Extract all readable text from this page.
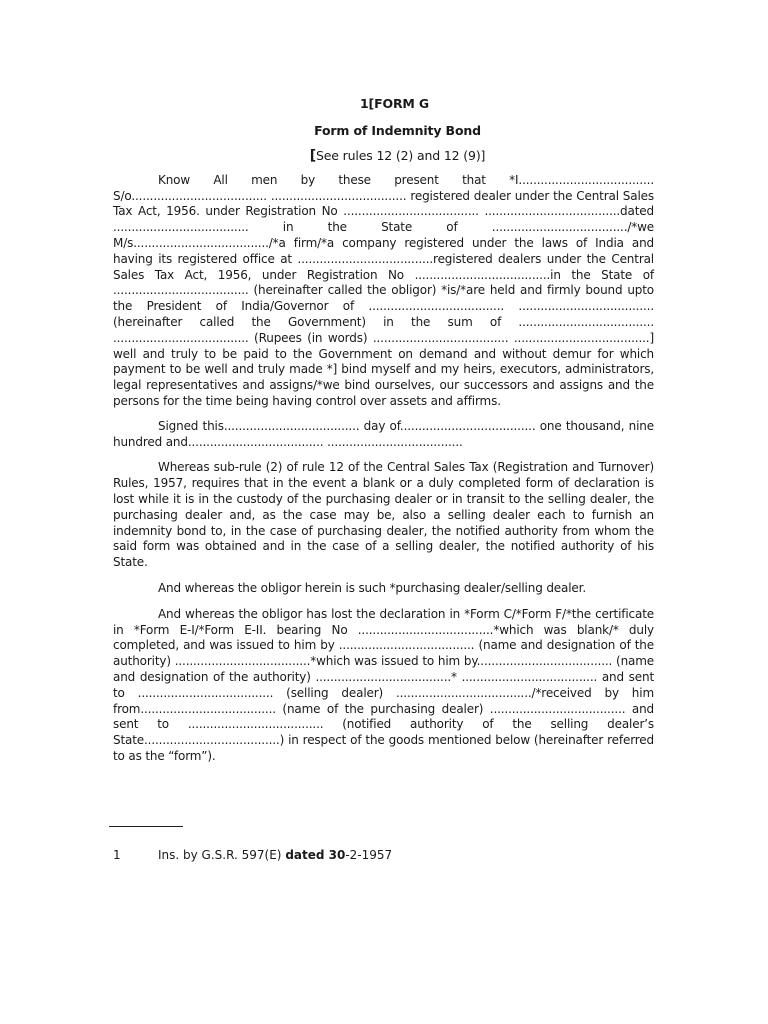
1[FORM G
Form of Indemnity Bond
[See rules 12 (2) and 12 (9)]

Know All men by these present that *I..................................... S/o..................................... ..................................... registered dealer under the Central Sales Tax Act, 1956. under Registration No ..................................... .....................................dated ..................................... in the State of ...................................../*we M/s...................................../*a firm/*a company registered under the laws of India and having its registered office at .....................................registered dealers under the Central Sales Tax Act, 1956, under Registration No .....................................in the State of ..................................... (hereinafter called the obligor) *is/*are held and firmly bound upto the President of India/Governor of ..................................... ..................................... (hereinafter called the Government) in the sum of ..................................... ..................................... (Rupees (in words) ..................................... .....................................] well and truly to be paid to the Government on demand and without demur for which payment to be well and truly made *] bind myself and my heirs, executors, administrators, legal representatives and assigns/*we bind ourselves, our successors and assigns and the persons for the time being having control over assets and affirms.

Signed this..................................... day of..................................... one thousand, nine hundred and..................................... .....................................

Whereas sub-rule (2) of rule 12 of the Central Sales Tax (Registration and Turnover) Rules, 1957, requires that in the event a blank or a duly completed form of declaration is lost while it is in the custody of the purchasing dealer or in transit to the selling dealer, the purchasing dealer and, as the case may be, also a selling dealer each to furnish an indemnity bond to, in the case of purchasing dealer, the notified authority from whom the said form was obtained and in the case of a selling dealer, the notified authority of his State.

And whereas the obligor herein is such *purchasing dealer/selling dealer.

And whereas the obligor has lost the declaration in *Form C/*Form F/*the certificate in *Form E-I/*Form E-II. bearing No .....................................*which was blank/* duly completed, and was issued to him by ..................................... (name and designation of the authority) .....................................*which was issued to him by..................................... (name and designation of the authority) .....................................* ..................................... and sent to ..................................... (selling dealer) ...................................../*received by him from..................................... (name of the purchasing dealer) ..................................... and sent to ..................................... (notified authority of the selling dealer’s State.....................................) in respect of the goods mentioned below (hereinafter referred to as the “form”).

1	Ins. by G.S.R. 597(E) dated 30-2-1957
